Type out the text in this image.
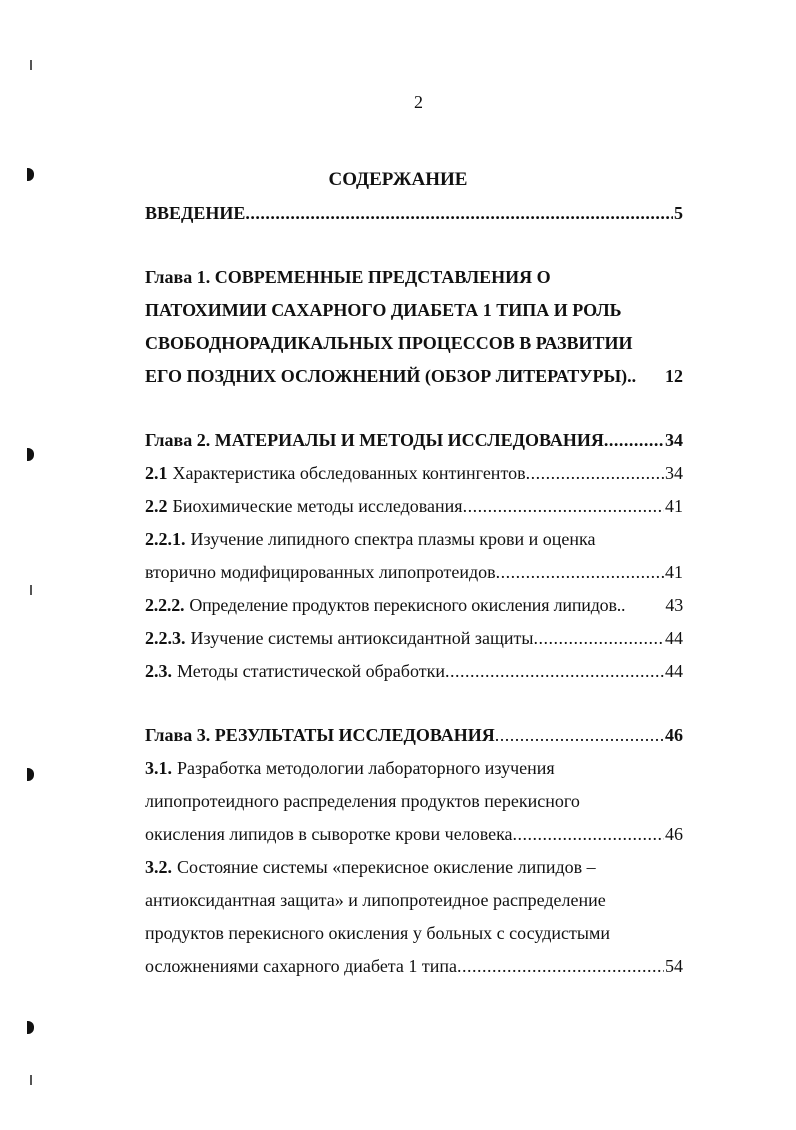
2
СОДЕРЖАНИЕ
ВВЕДЕНИЕ .....	5
Глава 1. СОВРЕМЕННЫЕ ПРЕДСТАВЛЕНИЯ О
ПАТОХИМИИ САХАРНОГО ДИАБЕТА 1 ТИПА И РОЛЬ
СВОБОДНОРАДИКАЛЬНЫХ ПРОЦЕССОВ В РАЗВИТИИ
ЕГО ПОЗДНИХ ОСЛОЖНЕНИЙ (ОБЗОР ЛИТЕРАТУРЫ).. 12
Глава 2. МАТЕРИАЛЫ И МЕТОДЫ ИССЛЕДОВАНИЯ .....	34
2.1 Характеристика обследованных контингентов .....	34
2.2 Биохимические методы исследования .....	41
2.2.1. Изучение липидного спектра плазмы крови и оценка
вторично модифицированных липопротеидов .....	41
2.2.2. Определение продуктов перекисного окисления липидов.. 43
2.2.3. Изучение системы антиоксидантной защиты .....	44
2.3. Методы статистической обработки .....	44
Глава 3. РЕЗУЛЬТАТЫ ИССЛЕДОВАНИЯ .....	46
3.1. Разработка методологии лабораторного изучения
липопротеидного распределения продуктов перекисного
окисления липидов в сыворотке крови человека .....	46
3.2. Состояние системы «перекисное окисление липидов –
антиоксидантная защита» и липопротеидное распределение
продуктов перекисного окисления у больных с сосудистыми
осложнениями сахарного диабета 1 типа .....	54
